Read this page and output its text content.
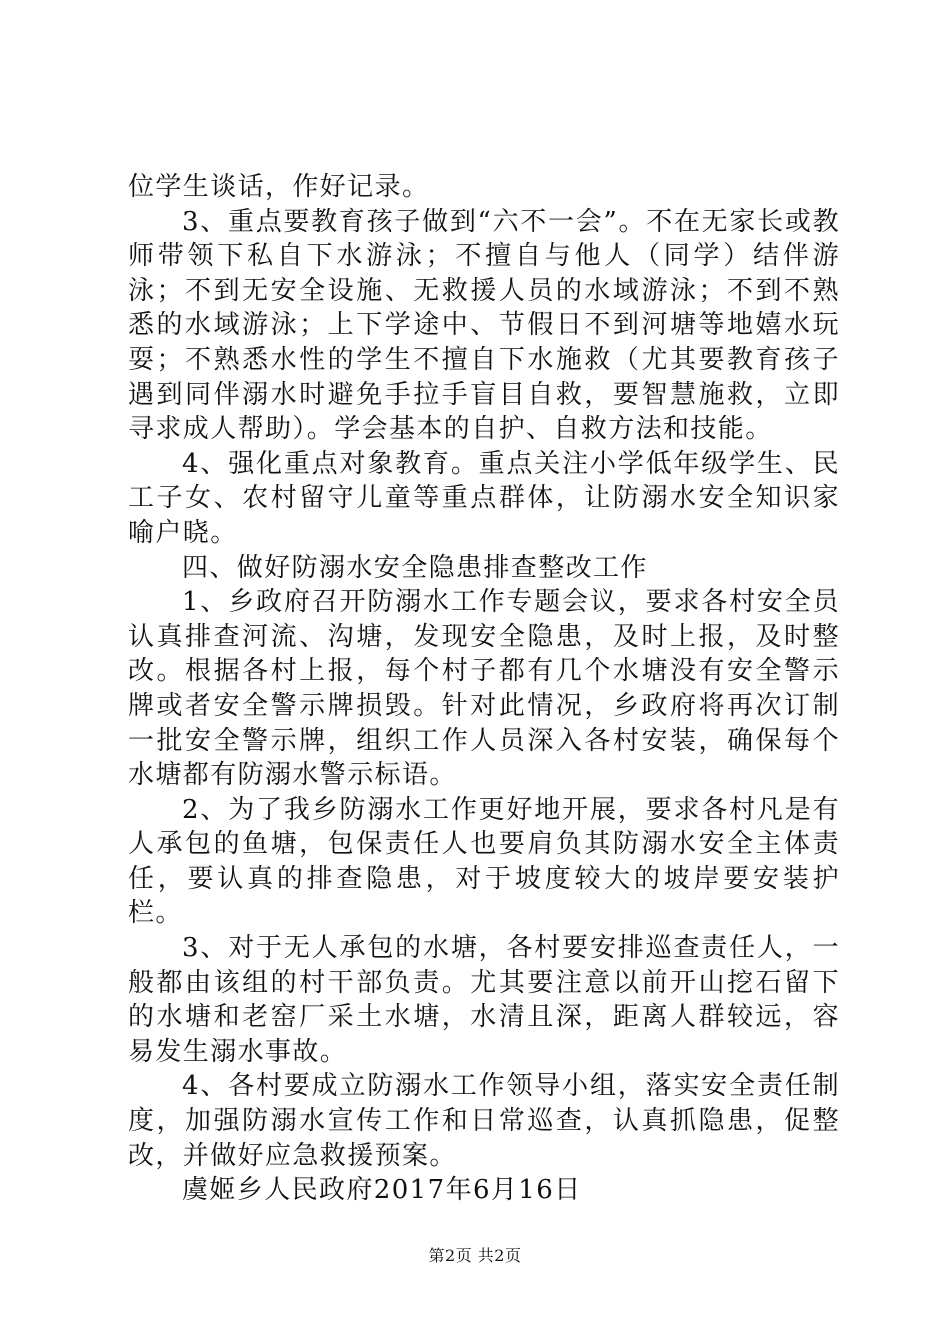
位学生谈话，作好记录。

3、重点要教育孩子做到“六不一会”。不在无家长或教师带领下私自下水游泳；不擅自与他人（同学）结伴游泳；不到无安全设施、无救援人员的水域游泳；不到不熟悉的水域游泳；上下学途中、节假日不到河塘等地嬉水玩耍；不熟悉水性的学生不擅自下水施救（尤其要教育孩子遇到同伴溺水时避免手拉手盲目自救，要智慧施救，立即寻求成人帮助）。学会基本的自护、自救方法和技能。

4、强化重点对象教育。重点关注小学低年级学生、民工子女、农村留守儿童等重点群体，让防溺水安全知识家喻户晓。

四、做好防溺水安全隐患排查整改工作

1、乡政府召开防溺水工作专题会议，要求各村安全员认真排查河流、沟塘，发现安全隐患，及时上报，及时整改。根据各村上报，每个村子都有几个水塘没有安全警示牌或者安全警示牌损毁。针对此情况，乡政府将再次订制一批安全警示牌，组织工作人员深入各村安装，确保每个水塘都有防溺水警示标语。

2、为了我乡防溺水工作更好地开展，要求各村凡是有人承包的鱼塘，包保责任人也要肩负其防溺水安全主体责任，要认真的排查隐患，对于坡度较大的坡岸要安装护栏。

3、对于无人承包的水塘，各村要安排巡查责任人，一般都由该组的村干部负责。尤其要注意以前开山挖石留下的水塘和老窑厂采土水塘，水清且深，距离人群较远，容易发生溺水事故。

4、各村要成立防溺水工作领导小组，落实安全责任制度，加强防溺水宣传工作和日常巡查，认真抓隐患，促整改，并做好应急救援预案。

虞姬乡人民政府2017年6月16日

第2页 共2页
